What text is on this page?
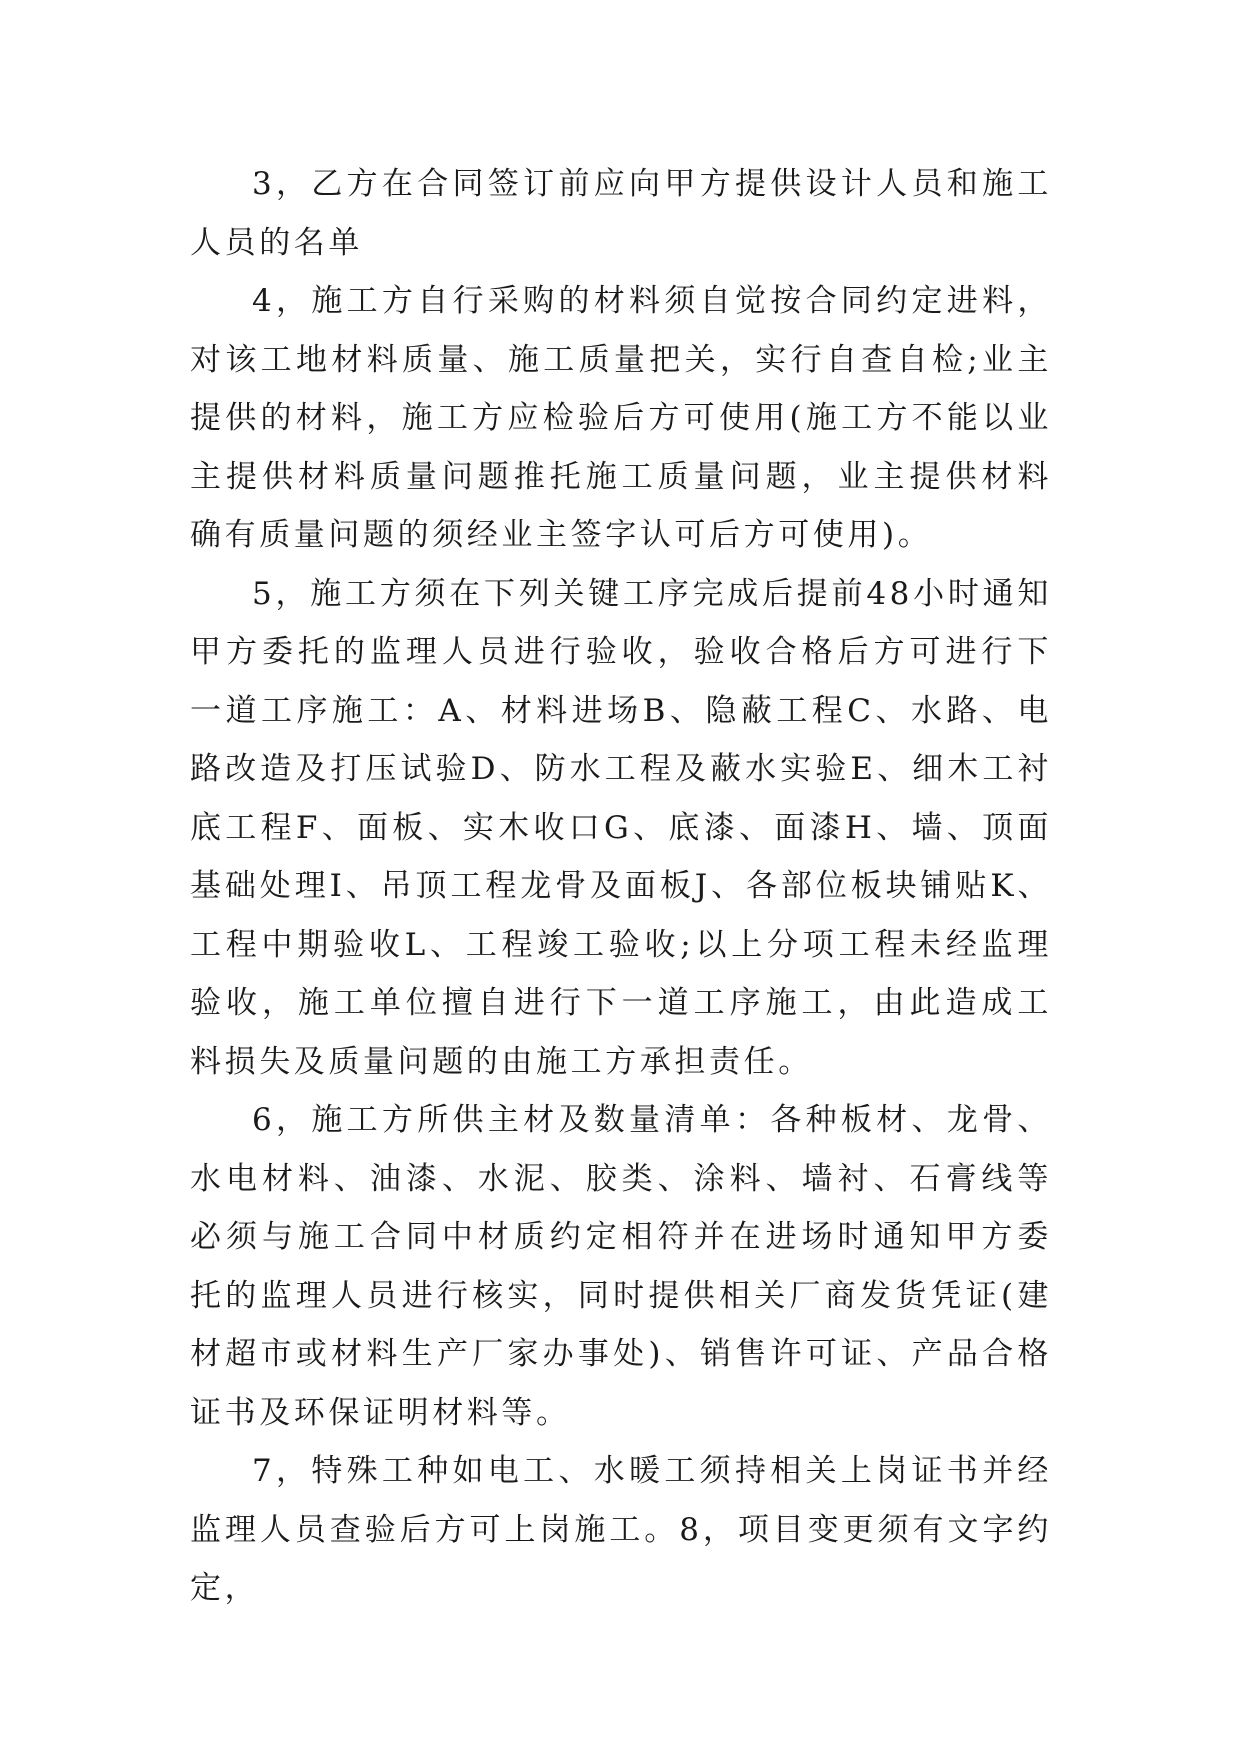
3，乙方在合同签订前应向甲方提供设计人员和施工人员的名单

4，施工方自行采购的材料须自觉按合同约定进料，对该工地材料质量、施工质量把关，实行自查自检;业主提供的材料，施工方应检验后方可使用(施工方不能以业主提供材料质量问题推托施工质量问题，业主提供材料确有质量问题的须经业主签字认可后方可使用)。

5，施工方须在下列关键工序完成后提前48小时通知甲方委托的监理人员进行验收，验收合格后方可进行下一道工序施工：A、材料进场B、隐蔽工程C、水路、电路改造及打压试验D、防水工程及蔽水实验E、细木工衬底工程F、面板、实木收口G、底漆、面漆H、墙、顶面基础处理I、吊顶工程龙骨及面板J、各部位板块铺贴K、工程中期验收L、工程竣工验收;以上分项工程未经监理验收，施工单位擅自进行下一道工序施工，由此造成工料损失及质量问题的由施工方承担责任。

6，施工方所供主材及数量清单：各种板材、龙骨、水电材料、油漆、水泥、胶类、涂料、墙衬、石膏线等必须与施工合同中材质约定相符并在进场时通知甲方委托的监理人员进行核实，同时提供相关厂商发货凭证(建材超市或材料生产厂家办事处)、销售许可证、产品合格证书及环保证明材料等。

7，特殊工种如电工、水暖工须持相关上岗证书并经监理人员查验后方可上岗施工。8，项目变更须有文字约定，
